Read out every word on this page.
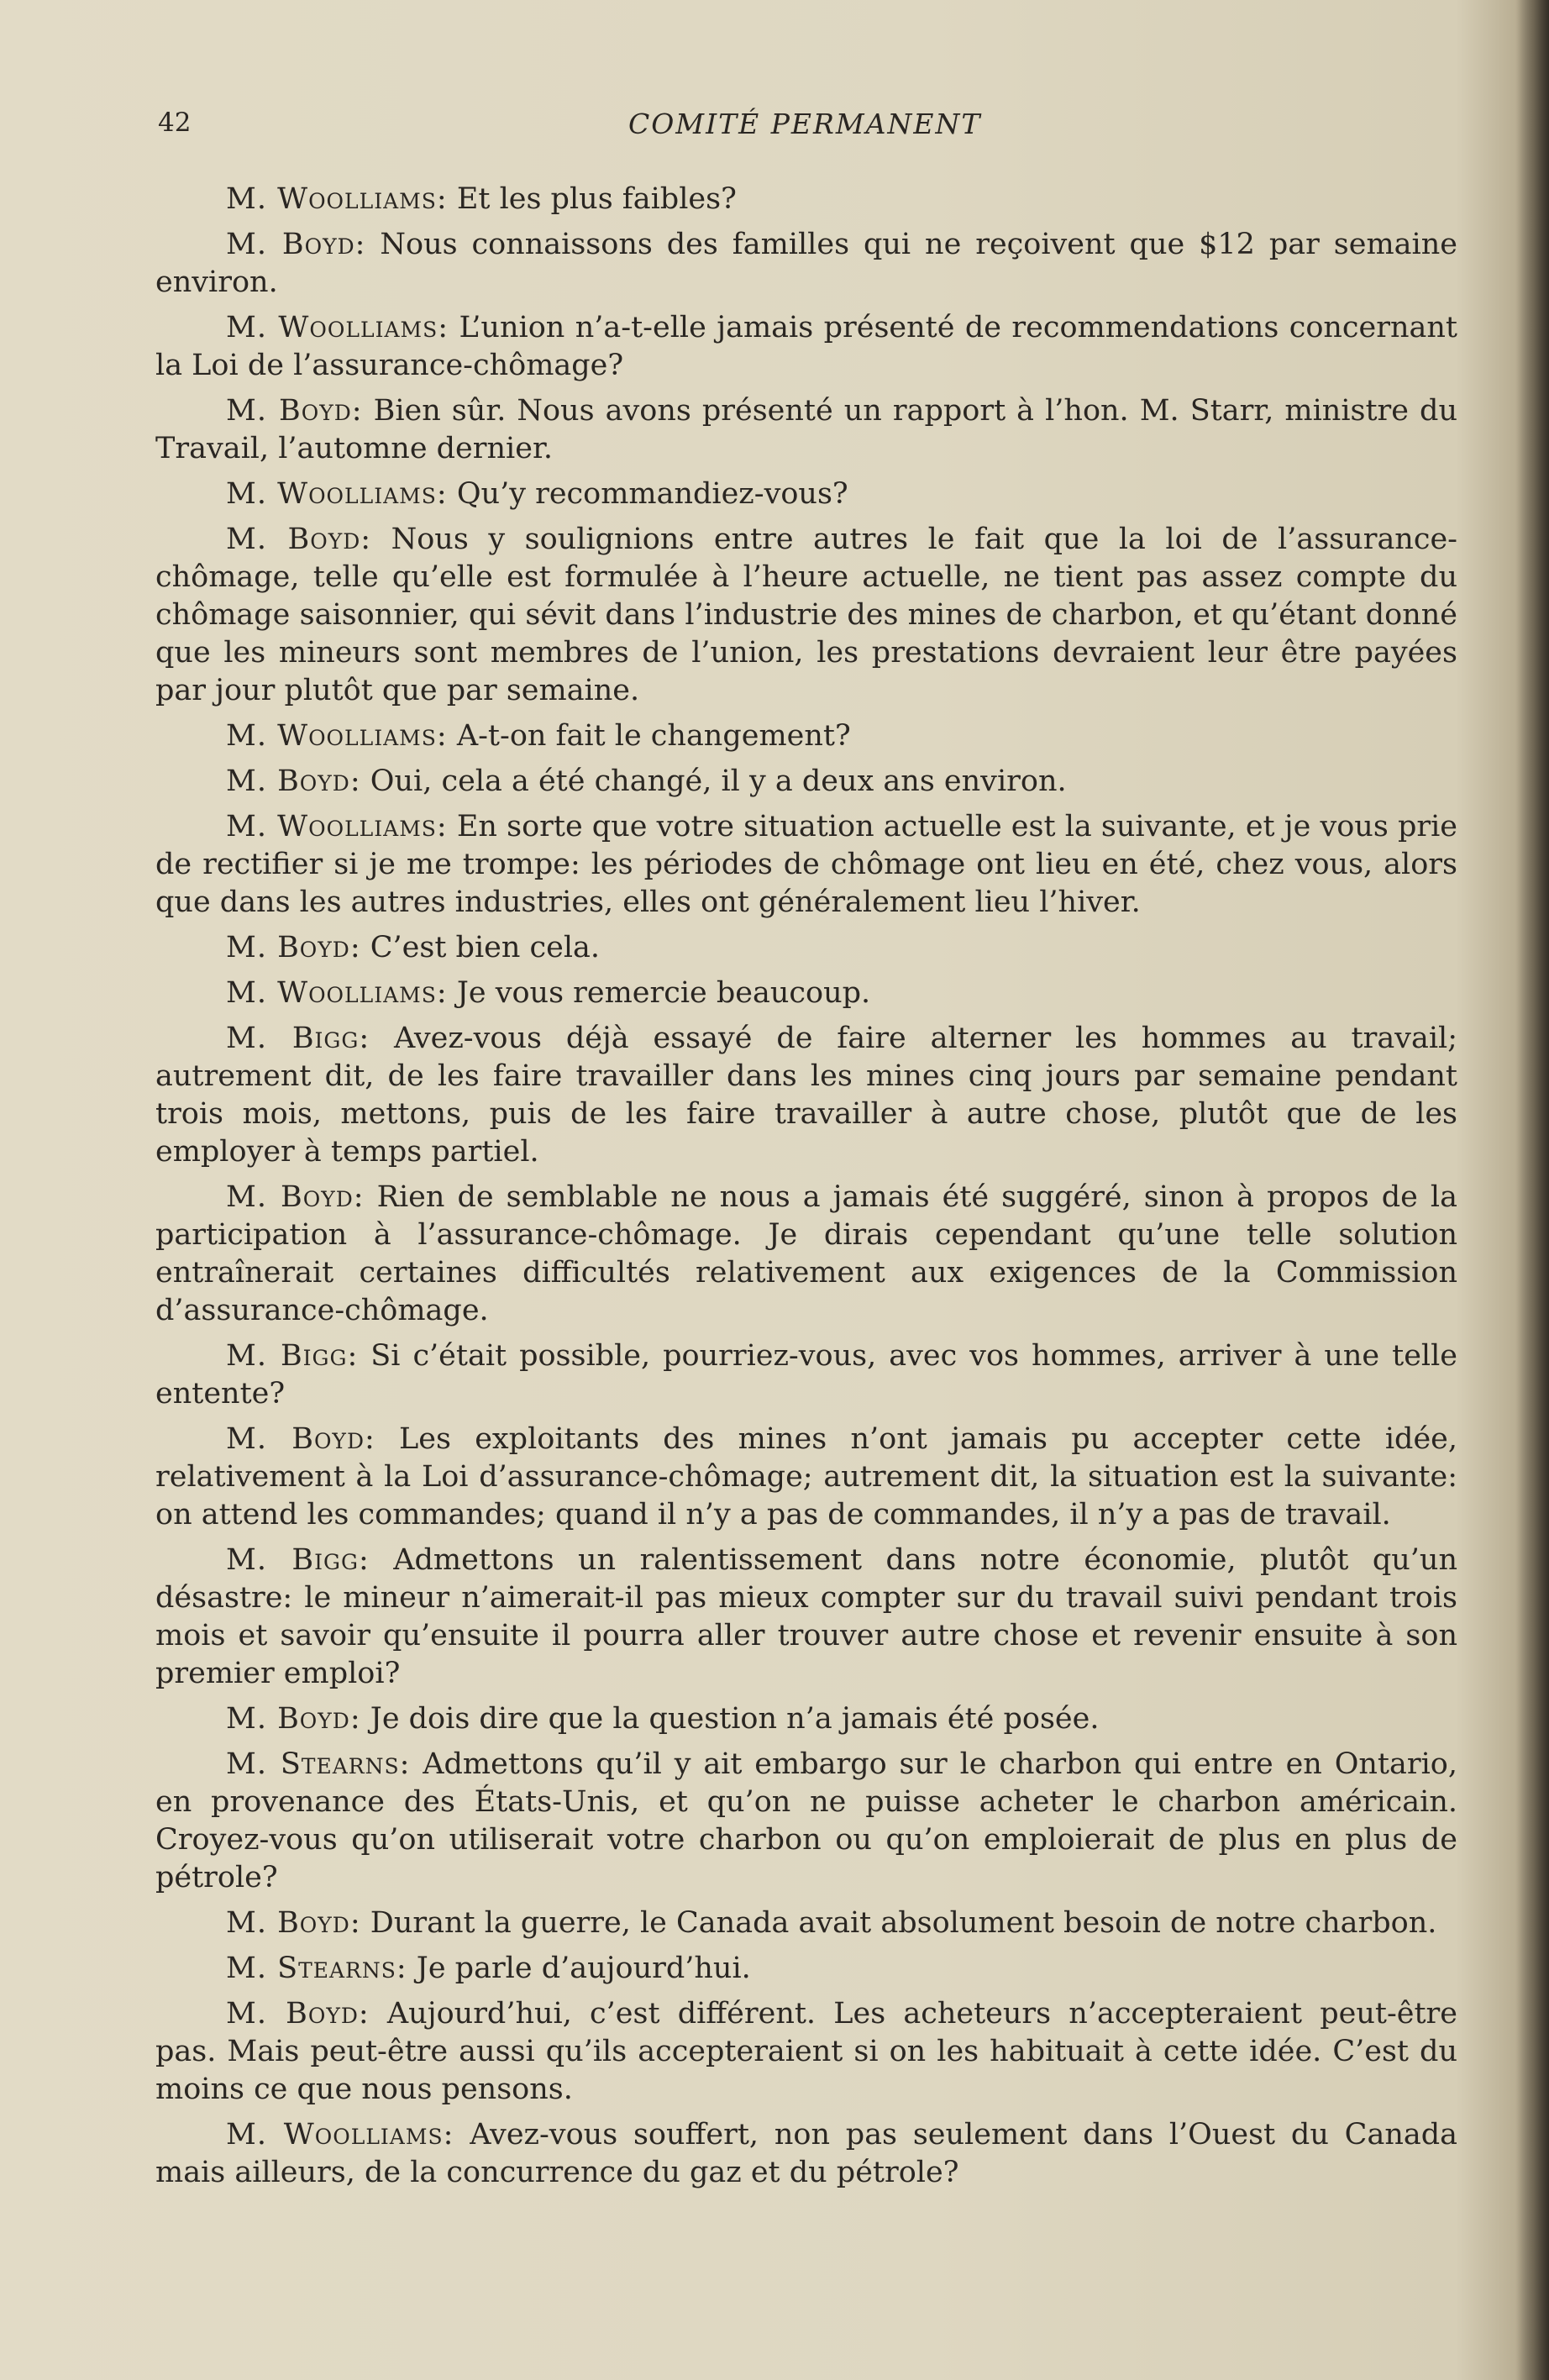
42	COMITÉ PERMANENT

M. Woolliams: Et les plus faibles?

M. Boyd: Nous connaissons des familles qui ne reçoivent que $12 par semaine environ.

M. Woolliams: L’union n’a-t-elle jamais présenté de recommendations concernant la Loi de l’assurance-chômage?

M. Boyd: Bien sûr. Nous avons présenté un rapport à l’hon. M. Starr, ministre du Travail, l’automne dernier.

M. Woolliams: Qu’y recommandiez-vous?

M. Boyd: Nous y soulignions entre autres le fait que la loi de l’assurance-chômage, telle qu’elle est formulée à l’heure actuelle, ne tient pas assez compte du chômage saisonnier, qui sévit dans l’industrie des mines de charbon, et qu’étant donné que les mineurs sont membres de l’union, les prestations devraient leur être payées par jour plutôt que par semaine.

M. Woolliams: A-t-on fait le changement?

M. Boyd: Oui, cela a été changé, il y a deux ans environ.

M. Woolliams: En sorte que votre situation actuelle est la suivante, et je vous prie de rectifier si je me trompe: les périodes de chômage ont lieu en été, chez vous, alors que dans les autres industries, elles ont généralement lieu l’hiver.

M. Boyd: C’est bien cela.

M. Woolliams: Je vous remercie beaucoup.

M. Bigg: Avez-vous déjà essayé de faire alterner les hommes au travail; autrement dit, de les faire travailler dans les mines cinq jours par semaine pendant trois mois, mettons, puis de les faire travailler à autre chose, plutôt que de les employer à temps partiel.

M. Boyd: Rien de semblable ne nous a jamais été suggéré, sinon à propos de la participation à l’assurance-chômage. Je dirais cependant qu’une telle solution entraînerait certaines difficultés relativement aux exigences de la Commission d’assurance-chômage.

M. Bigg: Si c’était possible, pourriez-vous, avec vos hommes, arriver à une telle entente?

M. Boyd: Les exploitants des mines n’ont jamais pu accepter cette idée, relativement à la Loi d’assurance-chômage; autrement dit, la situation est la suivante: on attend les commandes; quand il n’y a pas de commandes, il n’y a pas de travail.

M. Bigg: Admettons un ralentissement dans notre économie, plutôt qu’un désastre: le mineur n’aimerait-il pas mieux compter sur du travail suivi pendant trois mois et savoir qu’ensuite il pourra aller trouver autre chose et revenir ensuite à son premier emploi?

M. Boyd: Je dois dire que la question n’a jamais été posée.

M. Stearns: Admettons qu’il y ait embargo sur le charbon qui entre en Ontario, en provenance des États-Unis, et qu’on ne puisse acheter le charbon américain. Croyez-vous qu’on utiliserait votre charbon ou qu’on emploierait de plus en plus de pétrole?

M. Boyd: Durant la guerre, le Canada avait absolument besoin de notre charbon.

M. Stearns: Je parle d’aujourd’hui.

M. Boyd: Aujourd’hui, c’est différent. Les acheteurs n’accepteraient peut-être pas. Mais peut-être aussi qu’ils accepteraient si on les habituait à cette idée. C’est du moins ce que nous pensons.

M. Woolliams: Avez-vous souffert, non pas seulement dans l’Ouest du Canada mais ailleurs, de la concurrence du gaz et du pétrole?
